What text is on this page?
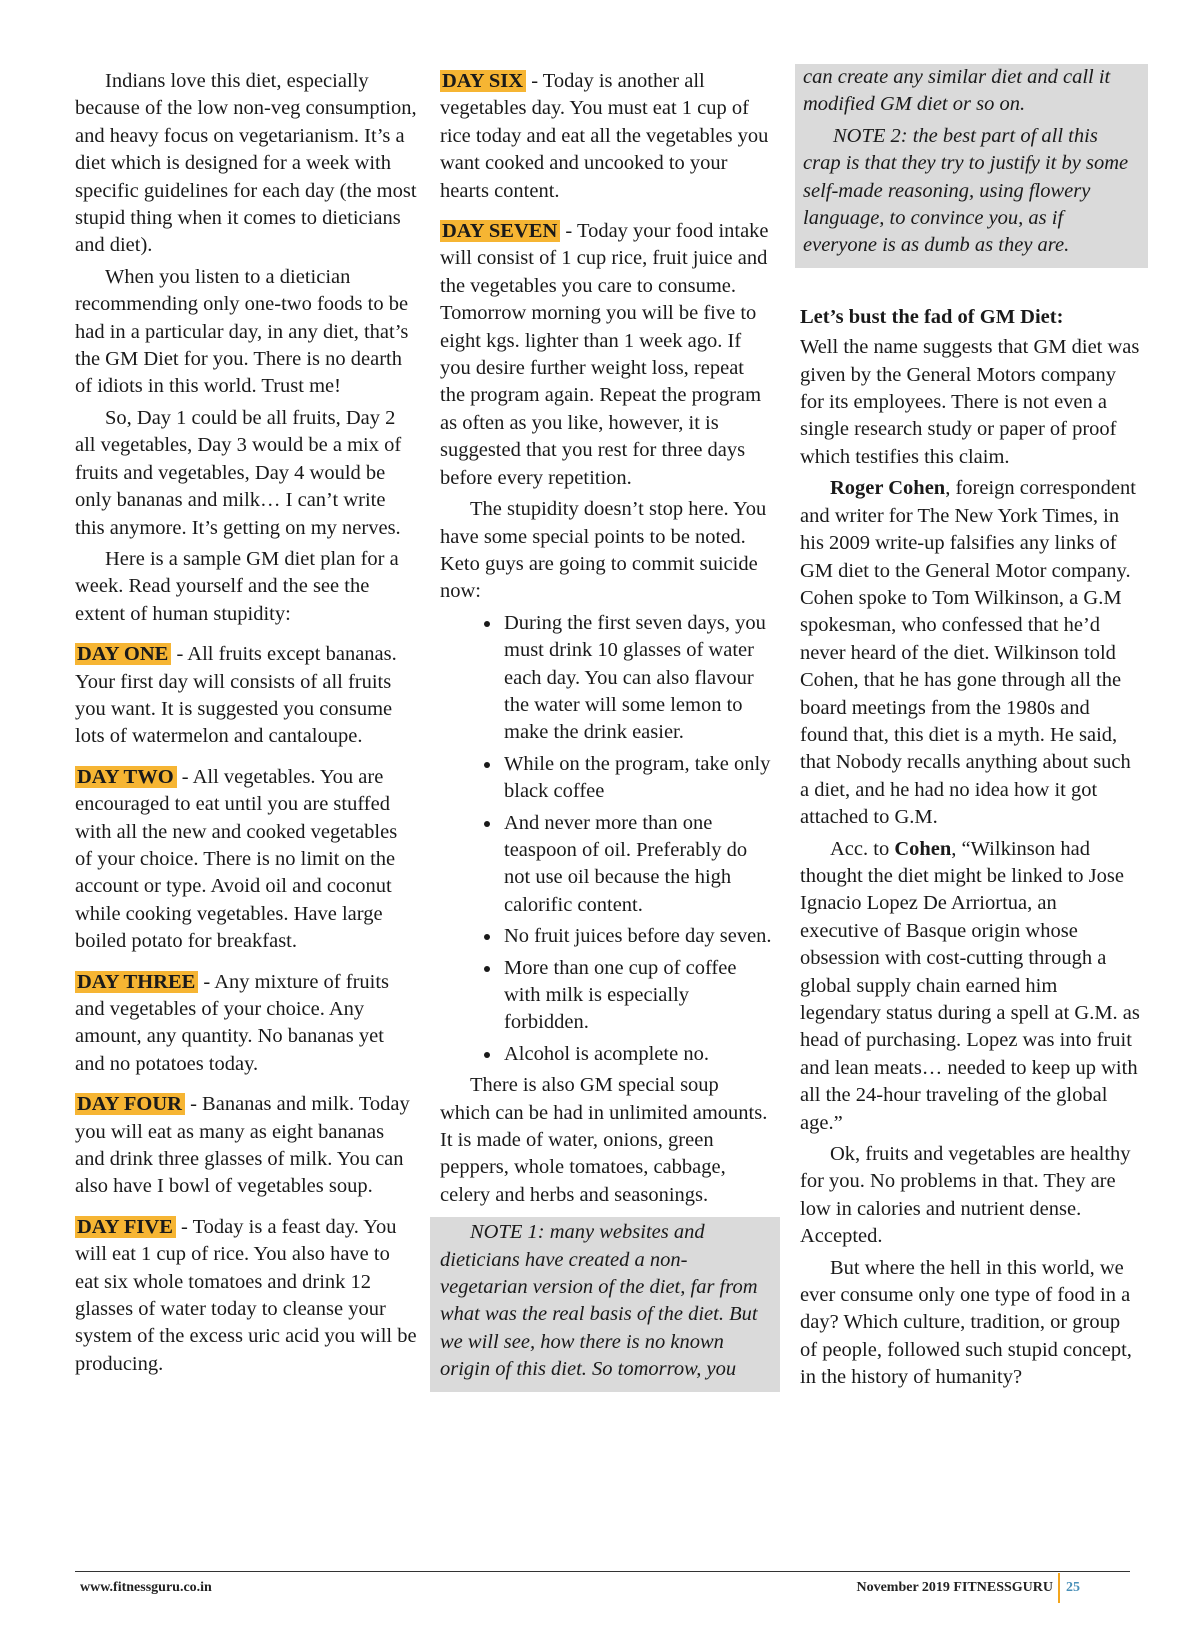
Indians love this diet, especially because of the low non-veg consumption, and heavy focus on vegetarianism. It’s a diet which is designed for a week with specific guidelines for each day (the most stupid thing when it comes to dieticians and diet).

When you listen to a dietician recommending only one-two foods to be had in a particular day, in any diet, that’s the GM Diet for you. There is no dearth of idiots in this world. Trust me!

So, Day 1 could be all fruits, Day 2 all vegetables, Day 3 would be a mix of fruits and vegetables, Day 4 would be only bananas and milk… I can’t write this anymore. It’s getting on my nerves.

Here is a sample GM diet plan for a week. Read yourself and the see the extent of human stupidity:

DAY ONE - All fruits except bananas. Your first day will consists of all fruits you want. It is suggested you consume lots of watermelon and cantaloupe.

DAY TWO - All vegetables. You are encouraged to eat until you are stuffed with all the new and cooked vegetables of your choice. There is no limit on the account or type. Avoid oil and coconut while cooking vegetables. Have large boiled potato for breakfast.

DAY THREE - Any mixture of fruits and vegetables of your choice. Any amount, any quantity. No bananas yet and no potatoes today.

DAY FOUR - Bananas and milk. Today you will eat as many as eight bananas and drink three glasses of milk. You can also have I bowl of vegetables soup.

DAY FIVE - Today is a feast day. You will eat 1 cup of rice. You also have to eat six whole tomatoes and drink 12 glasses of water today to cleanse your system of the excess uric acid you will be producing.

DAY SIX - Today is another all vegetables day. You must eat 1 cup of rice today and eat all the vegetables you want cooked and uncooked to your hearts content.

DAY SEVEN - Today your food intake will consist of 1 cup rice, fruit juice and the vegetables you care to consume. Tomorrow morning you will be five to eight kgs. lighter than 1 week ago. If you desire further weight loss, repeat the program again. Repeat the program as often as you like, however, it is suggested that you rest for three days before every repetition.

The stupidity doesn’t stop here. You have some special points to be noted. Keto guys are going to commit suicide now:

• During the first seven days, you must drink 10 glasses of water each day. You can also flavour the water will some lemon to make the drink easier.
• While on the program, take only black coffee
• And never more than one teaspoon of oil. Preferably do not use oil because the high calorific content.
• No fruit juices before day seven.
• More than one cup of coffee with milk is especially forbidden.
• Alcohol is acomplete no.

There is also GM special soup which can be had in unlimited amounts. It is made of water, onions, green peppers, whole tomatoes, cabbage, celery and herbs and seasonings.

NOTE 1: many websites and dieticians have created a non-vegetarian version of the diet, far from what was the real basis of the diet. But we will see, how there is no known origin of this diet. So tomorrow, you

can create any similar diet and call it modified GM diet or so on.

NOTE 2: the best part of all this crap is that they try to justify it by some self-made reasoning, using flowery language, to convince you, as if everyone is as dumb as they are.

Let’s bust the fad of GM Diet:

Well the name suggests that GM diet was given by the General Motors company for its employees. There is not even a single research study or paper of proof which testifies this claim.

Roger Cohen, foreign correspondent and writer for The New York Times, in his 2009 write-up falsifies any links of GM diet to the General Motor company. Cohen spoke to Tom Wilkinson, a G.M spokesman, who confessed that he’d never heard of the diet. Wilkinson told Cohen, that he has gone through all the board meetings from the 1980s and found that, this diet is a myth. He said, that Nobody recalls anything about such a diet, and he had no idea how it got attached to G.M.

Acc. to Cohen, “Wilkinson had thought the diet might be linked to Jose Ignacio Lopez De Arriortua, an executive of Basque origin whose obsession with cost-cutting through a global supply chain earned him legendary status during a spell at G.M. as head of purchasing. Lopez was into fruit and lean meats… needed to keep up with all the 24-hour traveling of the global age.”

Ok, fruits and vegetables are healthy for you. No problems in that. They are low in calories and nutrient dense. Accepted.

But where the hell in this world, we ever consume only one type of food in a day? Which culture, tradition, or group of people, followed such stupid concept, in the history of humanity?

www.fitnessguru.co.in	November 2019 FITNESSGURU 25
